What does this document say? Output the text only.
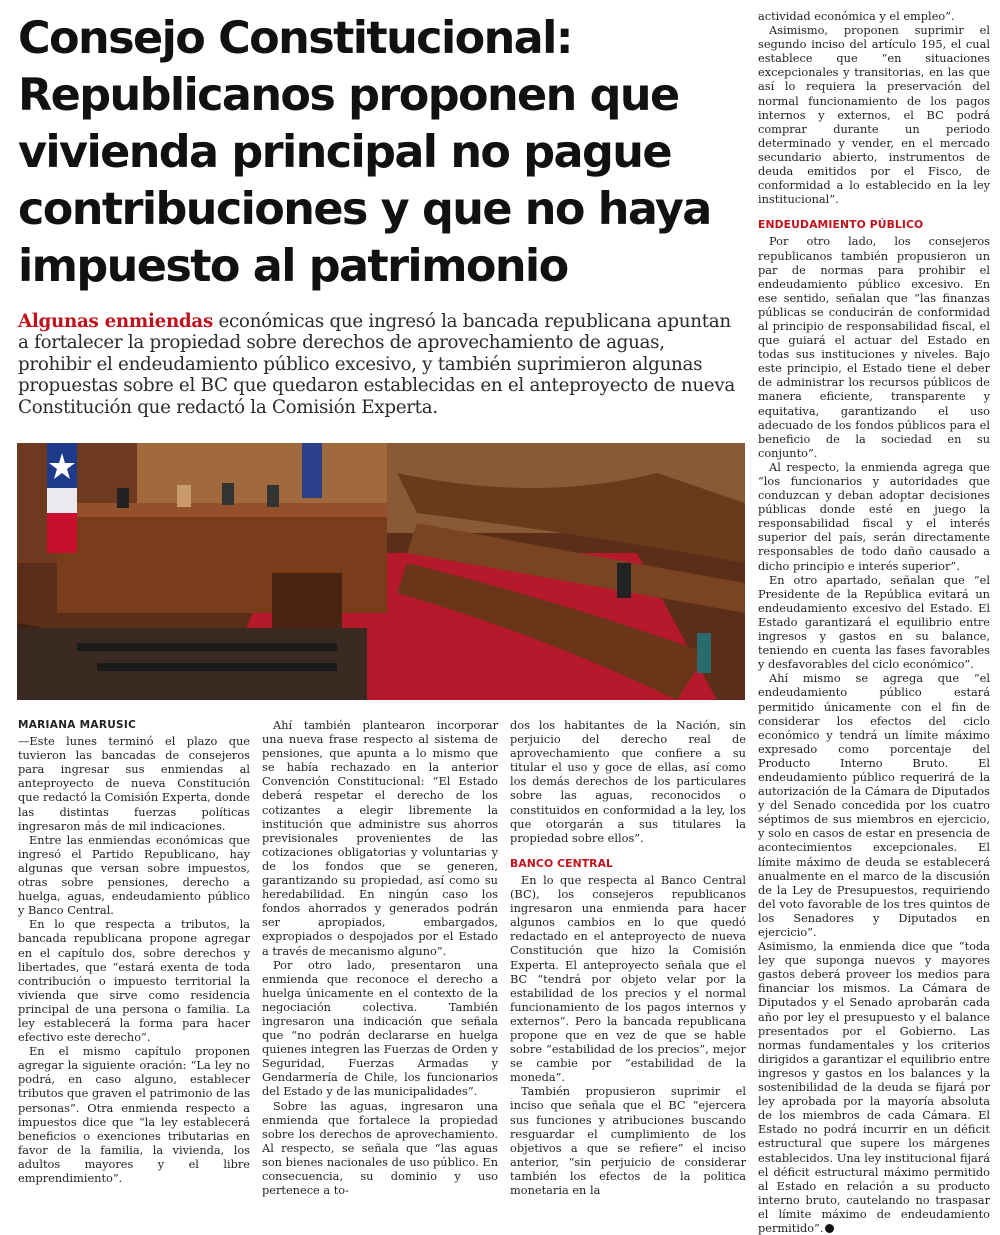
Consejo Constitucional: Republicanos proponen que vivienda principal no pague contribuciones y que no haya impuesto al patrimonio

Algunas enmiendas económicas que ingresó la bancada republicana apuntan a fortalecer la propiedad sobre derechos de aprovechamiento de aguas, prohibir el endeudamiento público excesivo, y también suprimieron algunas propuestas sobre el BC que quedaron establecidas en el anteproyecto de nueva Constitución que redactó la Comisión Experta.

MARIANA MARUSIC

—Este lunes terminó el plazo que tuvieron las bancadas de consejeros para ingresar sus enmiendas al anteproyecto de nueva Constitución que redactó la Comisión Experta, donde las distintas fuerzas políticas ingresaron más de mil indicaciones.

Entre las enmiendas económicas que ingresó el Partido Republicano, hay algunas que versan sobre impuestos, otras sobre pensiones, derecho a huelga, aguas, endeudamiento público y Banco Central.

En lo que respecta a tributos, la bancada republicana propone agregar en el capítulo dos, sobre derechos y libertades, que “estará exenta de toda contribución o impuesto territorial la vivienda que sirve como residencia principal de una persona o familia. La ley establecerá la forma para hacer efectivo este derecho”.

En el mismo capítulo proponen agregar la siguiente oración: “La ley no podrá, en caso alguno, establecer tributos que graven el patrimonio de las personas”. Otra enmienda respecto a impuestos dice que “la ley establecerá beneficios o exenciones tributarias en favor de la familia, la vivienda, los adultos mayores y el libre emprendimiento”.

Ahí también plantearon incorporar una nueva frase respecto al sistema de pensiones, que apunta a lo mismo que se había rechazado en la anterior Convención Constitucional: “El Estado deberá respetar el derecho de los cotizantes a elegir libremente la institución que administre sus ahorros previsionales provenientes de las cotizaciones obligatorias y voluntarias y de los fondos que se generen, garantizando su propiedad, así como su heredabilidad. En ningún caso los fondos ahorrados y generados podrán ser apropiados, embargados, expropiados o despojados por el Estado a través de mecanismo alguno”.

Por otro lado, presentaron una enmienda que reconoce el derecho a huelga únicamente en el contexto de la negociación colectiva. También ingresaron una indicación que señala que “no podrán declararse en huelga quienes integren las Fuerzas de Orden y Seguridad, Fuerzas Armadas y Gendarmería de Chile, los funcionarios del Estado y de las municipalidades”.

Sobre las aguas, ingresaron una enmienda que fortalece la propiedad sobre los derechos de aprovechamiento. Al respecto, se señala que “las aguas son bienes nacionales de uso público. En consecuencia, su dominio y uso pertenece a to-

dos los habitantes de la Nación, sin perjuicio del derecho real de aprovechamiento que confiere a su titular el uso y goce de ellas, así como los demás derechos de los particulares sobre las aguas, reconocidos o constituidos en conformidad a la ley, los que otorgarán a sus titulares la propiedad sobre ellos”.

BANCO CENTRAL

En lo que respecta al Banco Central (BC), los consejeros republicanos ingresaron una enmienda para hacer algunos cambios en lo que quedó redactado en el anteproyecto de nueva Constitución que hizo la Comisión Experta. El anteproyecto señala que el BC “tendrá por objeto velar por la estabilidad de los precios y el normal funcionamiento de los pagos internos y externos”. Pero la bancada republicana propone que en vez de que se hable sobre “estabilidad de los precios”, mejor se cambie por “estabilidad de la moneda”.

También propusieron suprimir el inciso que señala que el BC “ejercera sus funciones y atribuciones buscando resguardar el cumplimiento de los objetivos a que se refiere” el inciso anterior, “sin perjuicio de considerar también los efectos de la politica monetaria en la

actividad económica y el empleo”.

Asimismo, proponen suprimir el segundo inciso del artículo 195, el cual establece que “en situaciones excepcionales y transitorias, en las que así lo requiera la preservación del normal funcionamiento de los pagos internos y externos, el BC podrá comprar durante un periodo determinado y vender, en el mercado secundario abierto, instrumentos de deuda emitidos por el Fisco, de conformidad a lo establecido en la ley institucional”.

ENDEUDAMIENTO PÚBLICO

Por otro lado, los consejeros republicanos también propusieron un par de normas para prohibir el endeudamiento público excesivo. En ese sentido, señalan que “las finanzas públicas se conducirán de conformidad al principio de responsabilidad fiscal, el que guiará el actuar del Estado en todas sus instituciones y niveles. Bajo este principio, el Estado tiene el deber de administrar los recursos públicos de manera eficiente, transparente y equitativa, garantizando el uso adecuado de los fondos públicos para el beneficio de la sociedad en su conjunto”.

Al respecto, la enmienda agrega que “los funcionarios y autoridades que conduzcan y deban adoptar decisiones públicas donde esté en juego la responsabilidad fiscal y el interés superior del país, serán directamente responsables de todo daño causado a dicho principio e interés superior”.

En otro apartado, señalan que “el Presidente de la República evitará un endeudamiento excesivo del Estado. El Estado garantizará el equilibrio entre ingresos y gastos en su balance, teniendo en cuenta las fases favorables y desfavorables del ciclo económico”.

Ahí mismo se agrega que “el endeudamiento público estará permitido únicamente con el fin de considerar los efectos del ciclo económico y tendrá un límite máximo expresado como porcentaje del Producto Interno Bruto. El endeudamiento público requerirá de la autorización de la Cámara de Diputados y del Senado concedida por los cuatro séptimos de sus miembros en ejercicio, y solo en casos de estar en presencia de acontecimientos excepcionales. El límite máximo de deuda se establecerá anualmente en el marco de la discusión de la Ley de Presupuestos, requiriendo del voto favorable de los tres quintos de los Senadores y Diputados en ejercicio”.

Asimismo, la enmienda dice que “toda ley que suponga nuevos y mayores gastos deberá proveer los medios para financiar los mismos. La Cámara de Diputados y el Senado aprobarán cada año por ley el presupuesto y el balance presentados por el Gobierno. Las normas fundamentales y los criterios dirigidos a garantizar el equilibrio entre ingresos y gastos en los balances y la sostenibilidad de la deuda se fijará por ley aprobada por la mayoría absoluta de los miembros de cada Cámara. El Estado no podrá incurrir en un déficit estructural que supere los márgenes establecidos. Una ley institucional fijará el déficit estructural máximo permitido al Estado en relación a su producto interno bruto, cautelando no traspasar el límite máximo de endeudamiento permitido”.
